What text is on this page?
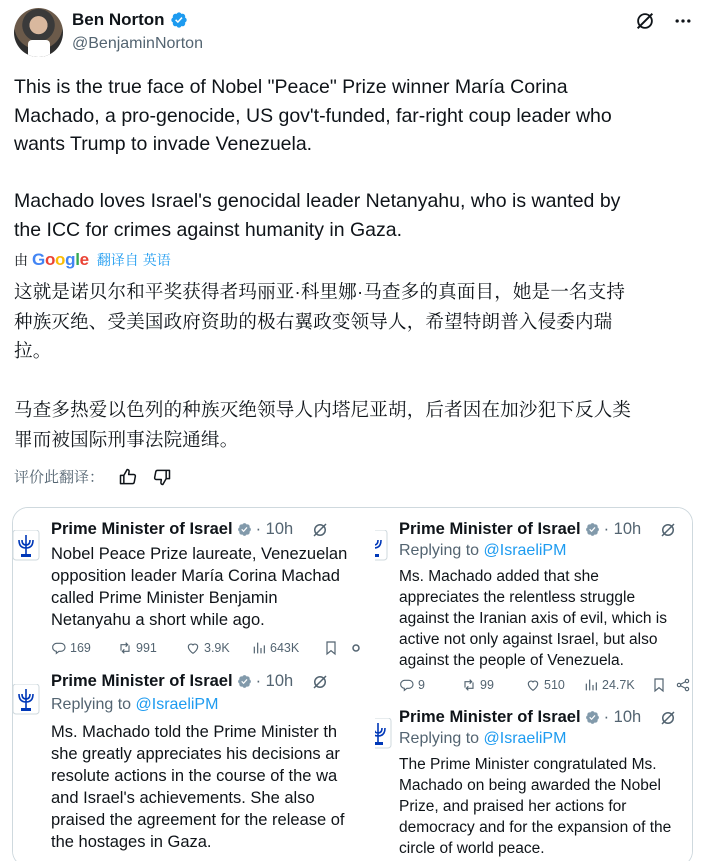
Ben Norton
@BenjaminNorton
This is the true face of Nobel "Peace" Prize winner María Corina
Machado, a pro-genocide, US gov't-funded, far-right coup leader who
wants Trump to invade Venezuela.

Machado loves Israel's genocidal leader Netanyahu, who is wanted by
the ICC for crimes against humanity in Gaza.
由 Google 翻译自 英语
这就是诺贝尔和平奖获得者玛丽亚·科里娜·马查多的真面目，她是一名支持
种族灭绝、受美国政府资助的极右翼政变领导人，希望特朗普入侵委内瑞
拉。

马查多热爱以色列的种族灭绝领导人内塔尼亚胡，后者因在加沙犯下反人类
罪而被国际刑事法院通缉。
评价此翻译：
Prime Minister of Israel · 10h
Nobel Peace Prize laureate, Venezuelan
opposition leader María Corina Machad
called Prime Minister Benjamin
Netanyahu a short while ago.
169	991	3.9K	643K
Prime Minister of Israel · 10h
Replying to @IsraeliPM
Ms. Machado told the Prime Minister th
she greatly appreciates his decisions ar
resolute actions in the course of the wa
and Israel's achievements. She also
praised the agreement for the release of
the hostages in Gaza.
Prime Minister of Israel · 10h
Replying to @IsraeliPM
Ms. Machado added that she
appreciates the relentless struggle
against the Iranian axis of evil, which is
active not only against Israel, but also
against the people of Venezuela.
9	99	510	24.7K
Prime Minister of Israel · 10h
Replying to @IsraeliPM
The Prime Minister congratulated Ms.
Machado on being awarded the Nobel
Prize, and praised her actions for
democracy and for the expansion of the
circle of world peace.
